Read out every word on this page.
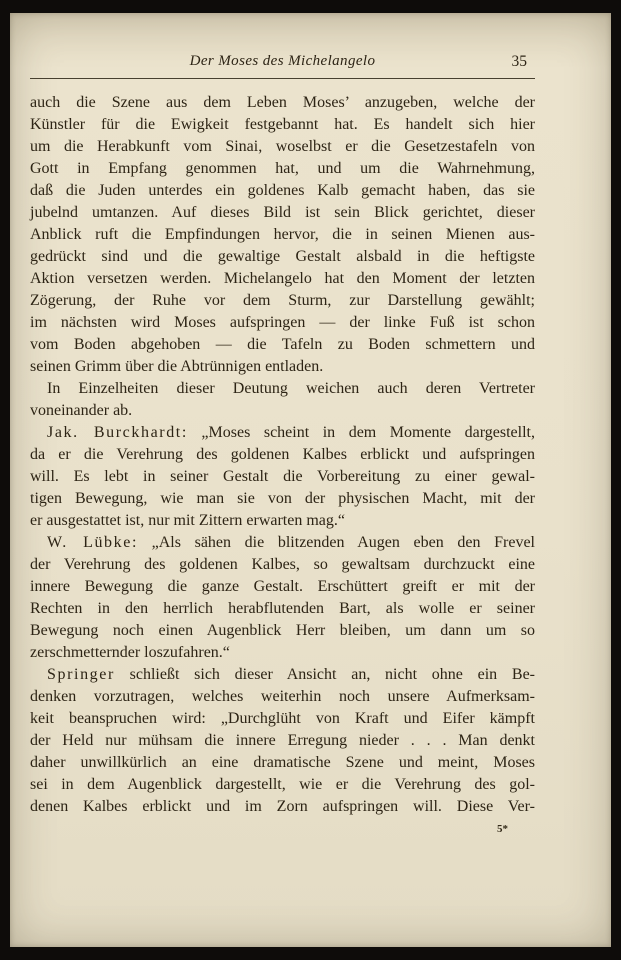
Der Moses des Michelangelo	35
auch die Szene aus dem Leben Moses’ anzugeben, welche der
Künstler für die Ewigkeit festgebannt hat. Es handelt sich hier
um die Herabkunft vom Sinai, woselbst er die Gesetzestafeln von
Gott in Empfang genommen hat, und um die Wahrnehmung,
daß die Juden unterdes ein goldenes Kalb gemacht haben, das sie
jubelnd umtanzen. Auf dieses Bild ist sein Blick gerichtet, dieser
Anblick ruft die Empfindungen hervor, die in seinen Mienen aus-
gedrückt sind und die gewaltige Gestalt alsbald in die heftigste
Aktion versetzen werden. Michelangelo hat den Moment der letzten
Zögerung, der Ruhe vor dem Sturm, zur Darstellung gewählt;
im nächsten wird Moses aufspringen — der linke Fuß ist schon
vom Boden abgehoben — die Tafeln zu Boden schmettern und
seinen Grimm über die Abtrünnigen entladen.
In Einzelheiten dieser Deutung weichen auch deren Vertreter
voneinander ab.
Jak. Burckhardt: „Moses scheint in dem Momente dargestellt,
da er die Verehrung des goldenen Kalbes erblickt und aufspringen
will. Es lebt in seiner Gestalt die Vorbereitung zu einer gewal-
tigen Bewegung, wie man sie von der physischen Macht, mit der
er ausgestattet ist, nur mit Zittern erwarten mag.“
W. Lübke: „Als sähen die blitzenden Augen eben den Frevel
der Verehrung des goldenen Kalbes, so gewaltsam durchzuckt eine
innere Bewegung die ganze Gestalt. Erschüttert greift er mit der
Rechten in den herrlich herabflutenden Bart, als wolle er seiner
Bewegung noch einen Augenblick Herr bleiben, um dann um so
zerschmetternder loszufahren.“
Springer schließt sich dieser Ansicht an, nicht ohne ein Be-
denken vorzutragen, welches weiterhin noch unsere Aufmerksam-
keit beanspruchen wird: „Durchglüht von Kraft und Eifer kämpft
der Held nur mühsam die innere Erregung nieder . . . Man denkt
daher unwillkürlich an eine dramatische Szene und meint, Moses
sei in dem Augenblick dargestellt, wie er die Verehrung des gol-
denen Kalbes erblickt und im Zorn aufspringen will. Diese Ver-
5*
